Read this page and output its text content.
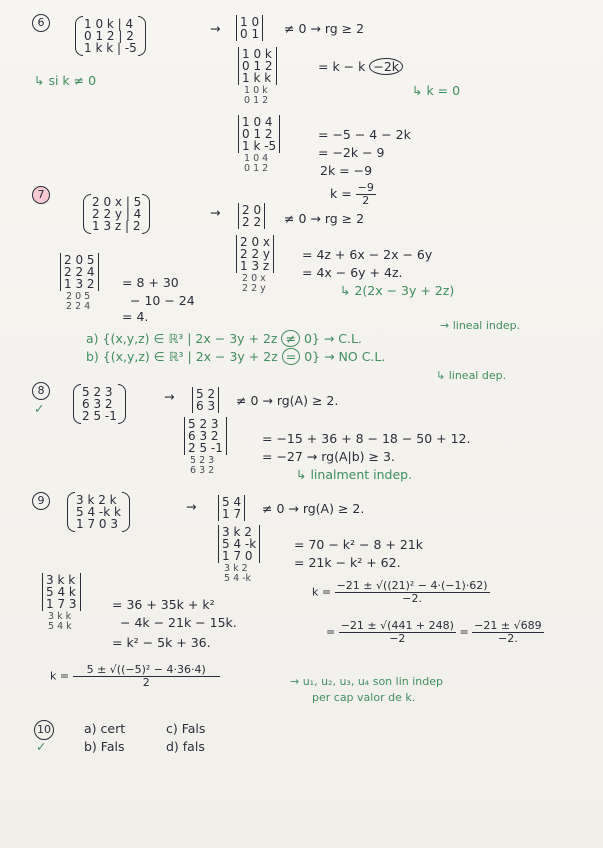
6	1 0 k | 4
0 1 2 | 2
1 k k | -5
→ 1 0
0 1 ≠ 0 → rg ≥ 2
1 0 k
0 1 2
1 k k
1 0 k
0 1 2
= k − k −2k
↳ k = 0
↳ si k ≠ 0
1 0 4
0 1 2
1 k -5
1 0 4
0 1 2
= −5 − 4 − 2k
= −2k − 9
2k = −9
$k = \frac{-9}{2}$
7
2 0 x | 5
2 2 y | 4
1 3 z | 2
→ 2 0
2 2 ≠ 0 → rg ≥ 2
2 0 x
2 2 y
1 3 z
2 0 x
2 2 y
= 4z + 6x − 2x − 6y
= 4x − 6y + 4z.
↳ 2(2x − 3y + 2z)
2 0 5
2 2 4
1 3 2
2 0 5
2 2 4
= 8 + 30
− 10 − 24
= 4.
a) {(x,y,z) ∈ ℝ³ | 2x − 3y + 2z ≠ 0} → C.L.
→ lineal indep.
b) {(x,y,z) ∈ ℝ³ | 2x − 3y + 2z = 0} → NO C.L.
↳ lineal dep.
8
✓
5 2 3
6 3 2
2 5 -1
→ 5 2
6 3 ≠ 0 → rg(A) ≥ 2.
5 2 3
6 3 2
2 5 -1
5 2 3
6 3 2
= −15 + 36 + 8 − 18 − 50 + 12.
= −27 → rg(A|b) ≥ 3.
↳ linalment indep.
9	3 k 2 k
5 4 -k k
1 7 0 3
→ 5 4
1 7 ≠ 0 → rg(A) ≥ 2.
3 k 2
5 4 -k
1 7 0
3 k 2
5 4 -k
= 70 − k² − 8 + 21k
= 21k − k² + 62.
$k = \frac{\text{−21 ± √((21)² − 4·(−1)·62)}}{-2.}$
= $\frac{-21 \pm √(441 + 248)}{-2} = \frac{-21 \pm √689}{-2.}$
3 k k
5 4 k
1 7 3
3 k k
5 4 k
= 36 + 35k + k²
− 4k − 21k − 15k.
= k² − 5k + 36.
$k = \frac{\text{5 ± √((−5)² − 4·36·4)}}{2}$	→ u₁, u₂, u₃, u₄ son lin indep
per cap valor de k.
10
✓
a) cert
b) Fals
c) Fals
d) fals
